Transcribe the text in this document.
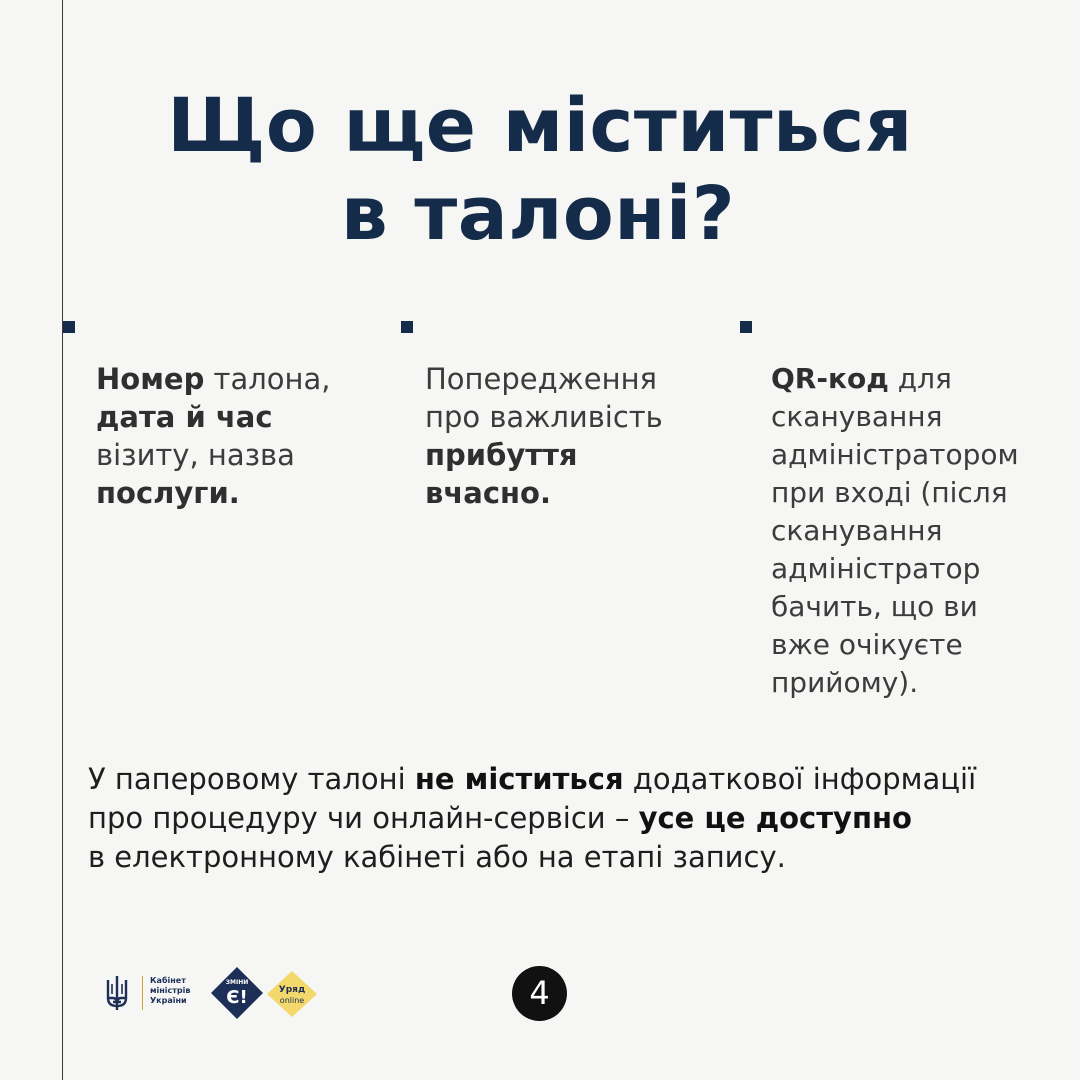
Що ще міститься
в талоні?
Номер талона,
дата й час
візиту, назва
послуги.
Попередження
про важливість
прибуття
вчасно.
QR-код для
сканування
адміністратором
при вході (після
сканування
адміністратор
бачить, що ви
вже очікуєте
прийому).
У паперовому талоні не міститься додаткової інформації
про процедуру чи онлайн-сервіси – усе це доступно
в електронному кабінеті або на етапі запису.
Кабінет
міністрів
України
ЗМІНИ
Є!	Уряд
online	4
